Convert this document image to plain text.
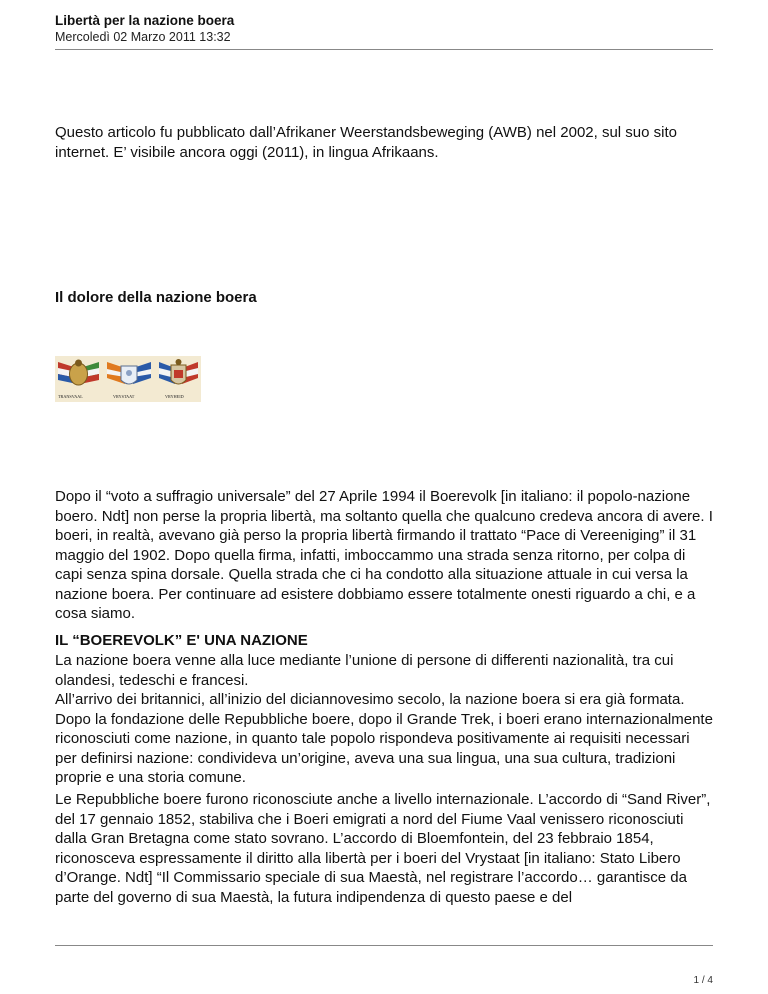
Libertà per la nazione boera
Mercoledì 02 Marzo 2011 13:32

Questo articolo fu pubblicato dall’Afrikaner Weerstandsbeweging (AWB) nel 2002, sul suo sito internet. E’ visibile ancora oggi (2011), in lingua Afrikaans.

Il dolore della nazione boera

TRANSVAAL	VRYSTAAT	VRYHEID

Dopo il “voto a suffragio universale” del 27 Aprile 1994 il Boerevolk [in italiano: il popolo-nazione boero. Ndt] non perse la propria libertà, ma soltanto quella che qualcuno credeva ancora di avere. I boeri, in realtà, avevano già perso la propria libertà firmando il trattato “Pace di Vereeniging” il 31 maggio del 1902. Dopo quella firma, infatti, imboccammo una strada senza ritorno, per colpa di capi senza spina dorsale. Quella strada che ci ha condotto alla situazione attuale in cui versa la nazione boera. Per continuare ad esistere dobbiamo essere totalmente onesti riguardo a chi, e a cosa siamo.

IL “BOEREVOLK” E' UNA NAZIONE

La nazione boera venne alla luce mediante l’unione di persone di differenti nazionalità, tra cui olandesi, tedeschi e francesi.

All’arrivo dei britannici, all’inizio del diciannovesimo secolo, la nazione boera si era già formata. Dopo la fondazione delle Repubbliche boere, dopo il Grande Trek, i boeri erano internazionalmente riconosciuti come nazione, in quanto tale popolo rispondeva positivamente ai requisiti necessari per definirsi nazione: condivideva un’origine, aveva una sua lingua, una sua cultura, tradizioni proprie e una storia comune.

Le Repubbliche boere furono riconosciute anche a livello internazionale. L’accordo di “Sand River”, del 17 gennaio 1852, stabiliva che i Boeri emigrati a nord del Fiume Vaal venissero riconosciuti dalla Gran Bretagna come stato sovrano. L’accordo di Bloemfontein, del 23 febbraio 1854, riconosceva espressamente il diritto alla libertà per i boeri del Vrystaat [in italiano: Stato Libero d’Orange. Ndt] “Il Commissario speciale di sua Maestà, nel registrare l’accordo… garantisce da parte del governo di sua Maestà, la futura indipendenza di questo paese e del

1 / 4
